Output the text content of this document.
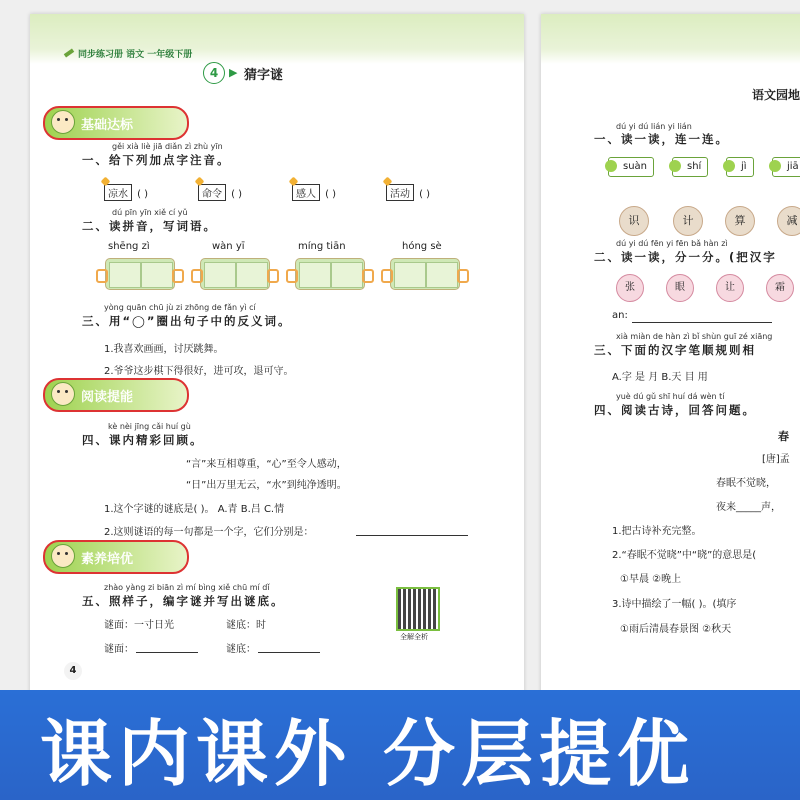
同步练习册 语文 一年级下册
4 ▶ 猜字谜
基础达标
gěi xià liè jiā diǎn zì zhù yīn
一、给下列加点字注音。
凉水 ( )	命令 ( )	感人 ( )	活动 ( )
dú pīn yīn xiě cí yǔ
二、读拼音，写词语。
shēng zì	wàn yī	míng tiān	hóng sè
yòng quān chū jù zi zhōng de fǎn yì cí
三、用“◯”圈出句子中的反义词。
1.我喜欢画画，讨厌跳舞。
2.爷爷这步棋下得很好，进可攻，退可守。
阅读提能
kè nèi jīng cǎi huí gù
四、课内精彩回顾。
“言”来互相尊重，“心”至令人感动，
“日”出万里无云，“水”到纯净透明。
1.这个字谜的谜底是( )。 A.青 B.吕 C.情
2.这则谜语的每一句都是一个字，它们分别是：
素养培优
zhào yàng zi biān zì mí bìng xiě chū mí dǐ
五、照样子，编字谜并写出谜底。
谜面：一寸日光	谜底：时
谜面：	谜底：
全解全析
4
语文园地
dú yi dú lián yi lián
一、读一读，连一连。
suàn	shí	jì	jiā
识	计	算	减
dú yi dú fēn yi fēn bǎ hàn zì
二、读一读，分一分。(把汉字
张	眼	让	霜
an:
xià miàn de hàn zì bǐ shùn guī zé xiāng
三、下面的汉字笔顺规则相
A.字 是 月 B.天 目 用
yuè dú gǔ shī huí dá wèn tí
四、阅读古诗，回答问题。
春
[唐]孟
春眠不觉晓，
夜来_____声，
1.把古诗补充完整。
2.“春眠不觉晓”中“晓”的意思是(
①早晨 ②晚上
3.诗中描绘了一幅( )。(填序
①雨后清晨春景图 ②秋天
课内课外 分层提优
